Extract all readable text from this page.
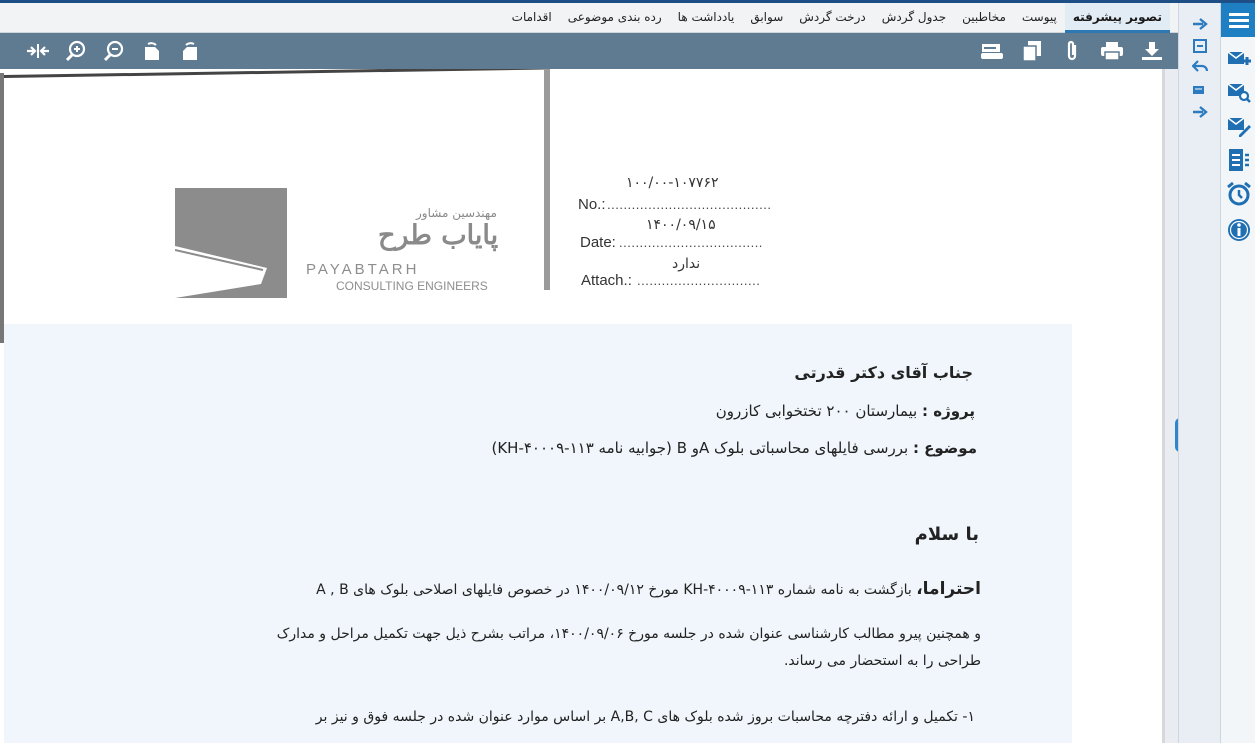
تصویر پیشرفته
پیوست
مخاطبین
جدول گردش
درخت گردش
سوابق
یادداشت ها
رده بندی موضوعی
اقدامات
مهندسین مشاور
پایاب طرح
PAYABTARH
CONSULTING ENGINEERS
۱۰۰/۰۰-۱۰۷۷۶۲
No.: ........................................
۱۴۰۰/۰۹/۱۵
Date: ...................................
ندارد
Attach.: ..............................
جناب آقای دکتر قدرتی
پروژه : بیمارستان ۲۰۰ تختخوابی کازرون
موضوع : بررسی فایلهای محاسباتی بلوک Aو B (جوابیه نامه ۱۱۳-۴۰۰۰۹-KH)
با سلام
احتراما، بازگشت به نامه شماره ۱۱۳-۴۰۰۰۹-KH مورخ ۱۴۰۰/۰۹/۱۲ در خصوص فایلهای اصلاحی بلوک های A , B
و همچنین پیرو مطالب کارشناسی عنوان شده در جلسه مورخ ۱۴۰۰/۰۹/۰۶، مراتب بشرح ذیل جهت تکمیل مراحل و مدارک
طراحی را به استحضار می رساند.
۱- تکمیل و ارائه دفترچه محاسبات بروز شده بلوک های A,B, C بر اساس موارد عنوان شده در جلسه فوق و نیز بر
